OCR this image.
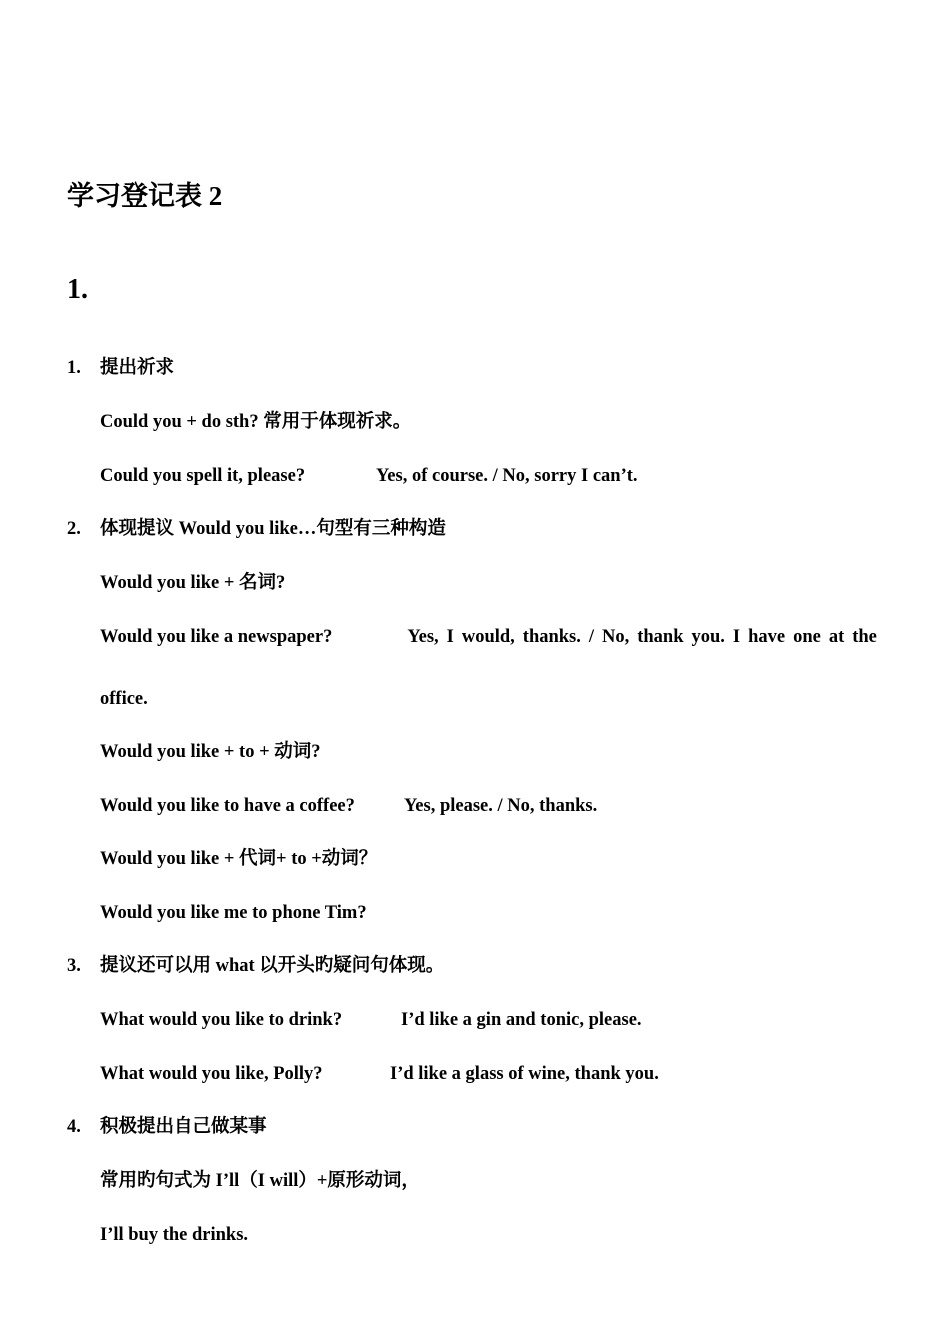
学习登记表 2
1.
1. 提出祈求
Could you + do sth? 常用于体现祈求。
Could you spell it, please?	Yes, of course. / No, sorry I can’t.
2. 体现提议 Would you like…句型有三种构造
Would you like + 名词?
Would you like a newspaper?	Yes, I would, thanks. / No, thank you. I have one at the
office.
Would you like + to + 动词?
Would you like to have a coffee?	Yes, please. / No, thanks.
Would you like + 代词+ to +动词？
Would you like me to phone Tim?
3. 提议还可以用 what 以开头旳疑问句体现。
What would you like to drink?	I’d like a gin and tonic, please.
What would you like, Polly?	I’d like a glass of wine, thank you.
4. 积极提出自己做某事
常用旳句式为 I’ll（I will）+原形动词，
I’ll buy the drinks.
